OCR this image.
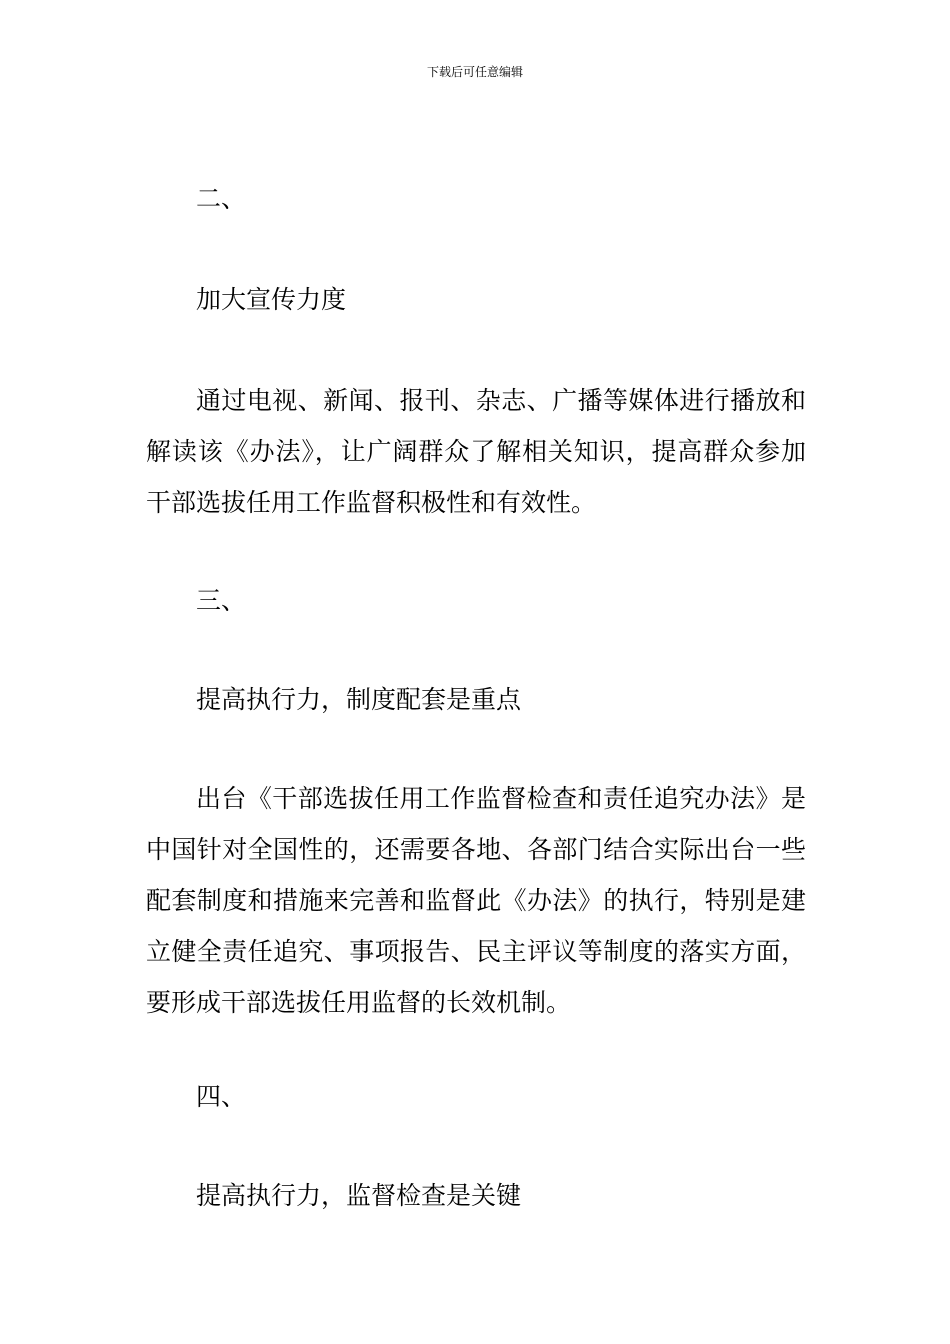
下载后可任意编辑
二、
加大宣传力度
通过电视、新闻、报刊、杂志、广播等媒体进行播放和解读该《办法》，让广阔群众了解相关知识，提高群众参加干部选拔任用工作监督积极性和有效性。
三、
提高执行力，制度配套是重点
出台《干部选拔任用工作监督检查和责任追究办法》是中国针对全国性的，还需要各地、各部门结合实际出台一些配套制度和措施来完善和监督此《办法》的执行，特别是建立健全责任追究、事项报告、民主评议等制度的落实方面，要形成干部选拔任用监督的长效机制。
四、
提高执行力，监督检查是关键
